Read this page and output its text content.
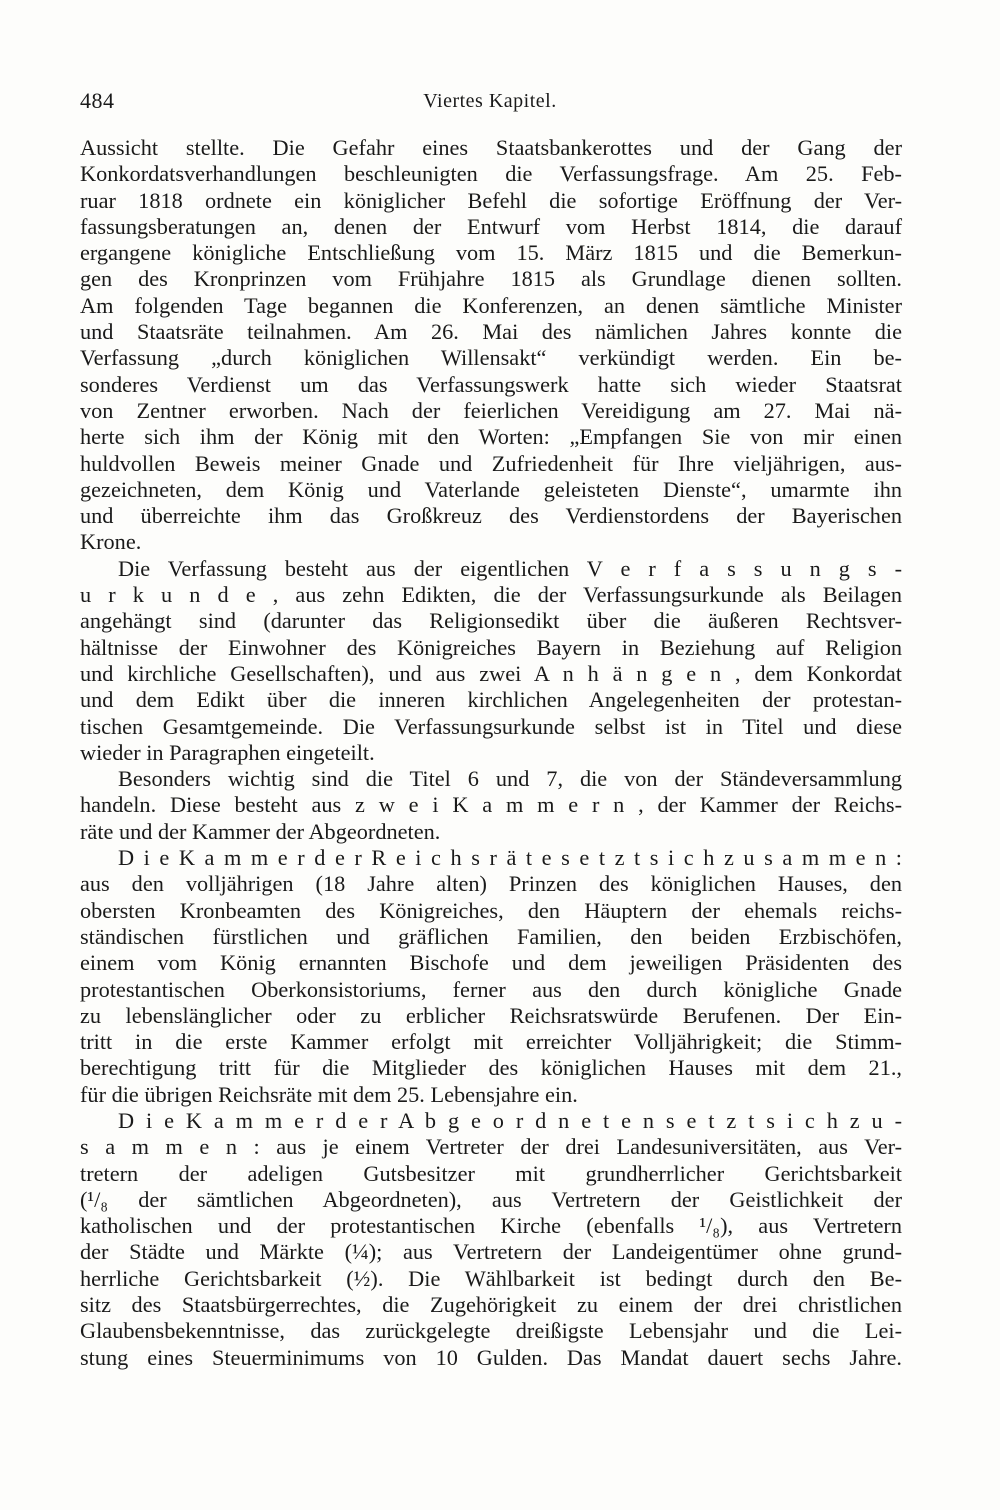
484	Viertes Kapitel.
Aussicht stellte. Die Gefahr eines Staatsbankerottes und der Gang der
Konkordatsverhandlungen beschleunigten die Verfassungsfrage. Am 25. Feb-
ruar 1818 ordnete ein königlicher Befehl die sofortige Eröffnung der Ver-
fassungsberatungen an, denen der Entwurf vom Herbst 1814, die darauf
ergangene königliche Entschließung vom 15. März 1815 und die Bemerkun-
gen des Kronprinzen vom Frühjahre 1815 als Grundlage dienen sollten.
Am folgenden Tage begannen die Konferenzen, an denen sämtliche Minister
und Staatsräte teilnahmen. Am 26. Mai des nämlichen Jahres konnte die
Verfassung „durch königlichen Willensakt“ verkündigt werden. Ein be-
sonderes Verdienst um das Verfassungswerk hatte sich wieder Staatsrat
von Zentner erworben. Nach der feierlichen Vereidigung am 27. Mai nä-
herte sich ihm der König mit den Worten: „Empfangen Sie von mir einen
huldvollen Beweis meiner Gnade und Zufriedenheit für Ihre vieljährigen, aus-
gezeichneten, dem König und Vaterlande geleisteten Dienste“, umarmte ihn
und überreichte ihm das Großkreuz des Verdienstordens der Bayerischen
Krone.
Die Verfassung besteht aus der eigentlichen V e r f a s s u n g s -
u r k u n d e , aus zehn Edikten, die der Verfassungsurkunde als Beilagen
angehängt sind (darunter das Religionsedikt über die äußeren Rechtsver-
hältnisse der Einwohner des Königreiches Bayern in Beziehung auf Religion
und kirchliche Gesellschaften), und aus zwei A n h ä n g e n , dem Konkordat
und dem Edikt über die inneren kirchlichen Angelegenheiten der protestan-
tischen Gesamtgemeinde. Die Verfassungsurkunde selbst ist in Titel und diese
wieder in Paragraphen eingeteilt.
Besonders wichtig sind die Titel 6 und 7, die von der Ständeversammlung
handeln. Diese besteht aus z w e i K a m m e r n , der Kammer der Reichs-
räte und der Kammer der Abgeordneten.
D i e K a m m e r d e r R e i c h s r ä t e s e t z t s i c h z u s a m m e n :
aus den volljährigen (18 Jahre alten) Prinzen des königlichen Hauses, den
obersten Kronbeamten des Königreiches, den Häuptern der ehemals reichs-
ständischen fürstlichen und gräflichen Familien, den beiden Erzbischöfen,
einem vom König ernannten Bischofe und dem jeweiligen Präsidenten des
protestantischen Oberkonsistoriums, ferner aus den durch königliche Gnade
zu lebenslänglicher oder zu erblicher Reichsratswürde Berufenen. Der Ein-
tritt in die erste Kammer erfolgt mit erreichter Volljährigkeit; die Stimm-
berechtigung tritt für die Mitglieder des königlichen Hauses mit dem 21.,
für die übrigen Reichsräte mit dem 25. Lebensjahre ein.
D i e K a m m e r d e r A b g e o r d n e t e n s e t z t s i c h z u -
s a m m e n : aus je einem Vertreter der drei Landesuniversitäten, aus Ver-
tretern der adeligen Gutsbesitzer mit grundherrlicher Gerichtsbarkeit
(¹/₈ der sämtlichen Abgeordneten), aus Vertretern der Geistlichkeit der
katholischen und der protestantischen Kirche (ebenfalls ¹/₈), aus Vertretern
der Städte und Märkte (¼); aus Vertretern der Landeigentümer ohne grund-
herrliche Gerichtsbarkeit (½). Die Wählbarkeit ist bedingt durch den Be-
sitz des Staatsbürgerrechtes, die Zugehörigkeit zu einem der drei christlichen
Glaubensbekenntnisse, das zurückgelegte dreißigste Lebensjahr und die Lei-
stung eines Steuerminimums von 10 Gulden. Das Mandat dauert sechs Jahre.
